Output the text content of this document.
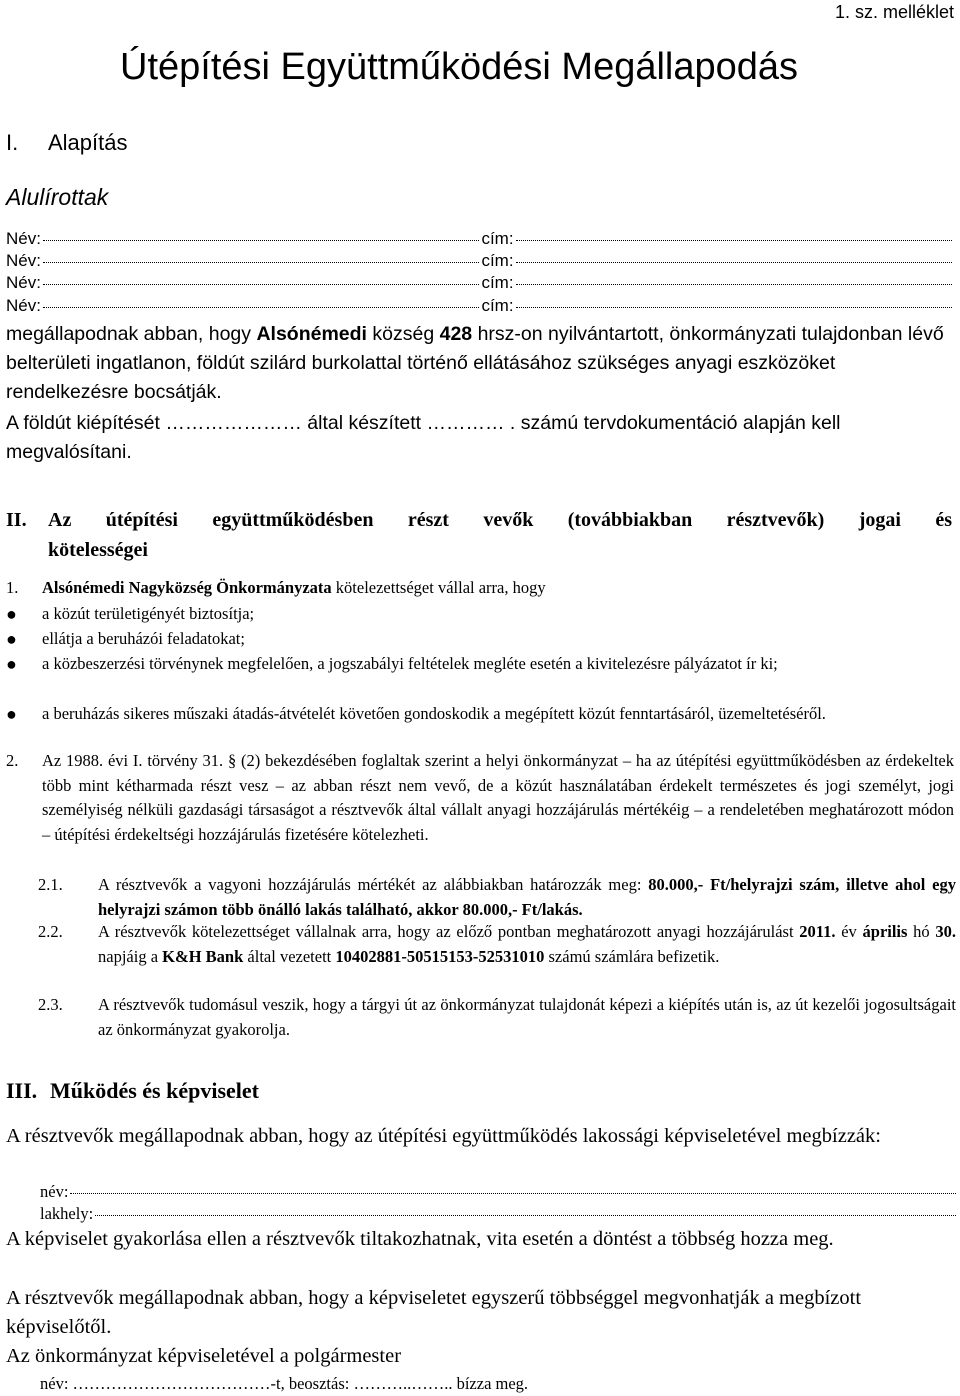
1. sz. melléklet
Útépítési Együttműködési Megállapodás
I. Alapítás
Alulírottak
Név:	cím:
Név:	cím:
Név:	cím:
Név:	cím:
megállapodnak abban, hogy Alsónémedi község 428 hrsz-on nyilvántartott, önkormányzati tulajdonban lévő belterületi ingatlanon, földút szilárd burkolattal történő ellátásához szükséges anyagi eszközöket rendelkezésre bocsátják.
A földút kiépítését ………………… által készített ………… . számú tervdokumentáció alapján kell megvalósítani.
II.	Az útépítési együttműködésben részt vevők (továbbiakban résztvevők) jogai és
kötelességei
1. Alsónémedi Nagyközség Önkormányzata kötelezettséget vállal arra, hogy
●	a közút területigényét biztosítja;
●	ellátja a beruházói feladatokat;
●	a közbeszerzési törvénynek megfelelően, a jogszabályi feltételek megléte esetén a kivitelezésre pályázatot ír ki;
●	a beruházás sikeres műszaki átadás-átvételét követően gondoskodik a megépített közút fenntartásáról, üzemeltetéséről.
2.	Az 1988. évi I. törvény 31. § (2) bekezdésében foglaltak szerint a helyi önkormányzat – ha az útépítési együttműködésben az érdekeltek több mint kétharmada részt vesz – az abban részt nem vevő, de a közút használatában érdekelt természetes és jogi személyt, jogi személyiség nélküli gazdasági társaságot a résztvevők által vállalt anyagi hozzájárulás mértékéig – a rendeletében meghatározott módon – útépítési érdekeltségi hozzájárulás fizetésére kötelezheti.
2.1.	A résztvevők a vagyoni hozzájárulás mértékét az alábbiakban határozzák meg: 80.000,- Ft/helyrajzi szám, illetve ahol egy helyrajzi számon több önálló lakás található, akkor 80.000,- Ft/lakás.
2.2.	A résztvevők kötelezettséget vállalnak arra, hogy az előző pontban meghatározott anyagi hozzájárulást 2011. év április hó 30. napjáig a K&H Bank által vezetett 10402881-50515153-52531010 számú számlára befizetik.
2.3.	A résztvevők tudomásul veszik, hogy a tárgyi út az önkormányzat tulajdonát képezi a kiépítés után is, az út kezelői jogosultságait az önkormányzat gyakorolja.
III. Működés és képviselet
A résztvevők megállapodnak abban, hogy az útépítési együttműködés lakossági képviseletével megbízzák:
név:
lakhely:
A képviselet gyakorlása ellen a résztvevők tiltakozhatnak, vita esetén a döntést a többség hozza meg.
A résztvevők megállapodnak abban, hogy a képviseletet egyszerű többséggel megvonhatják a megbízott képviselőtől.
Az önkormányzat képviseletével a polgármester
név: ………………………………-t, beosztás: ………..…….. bízza meg.
